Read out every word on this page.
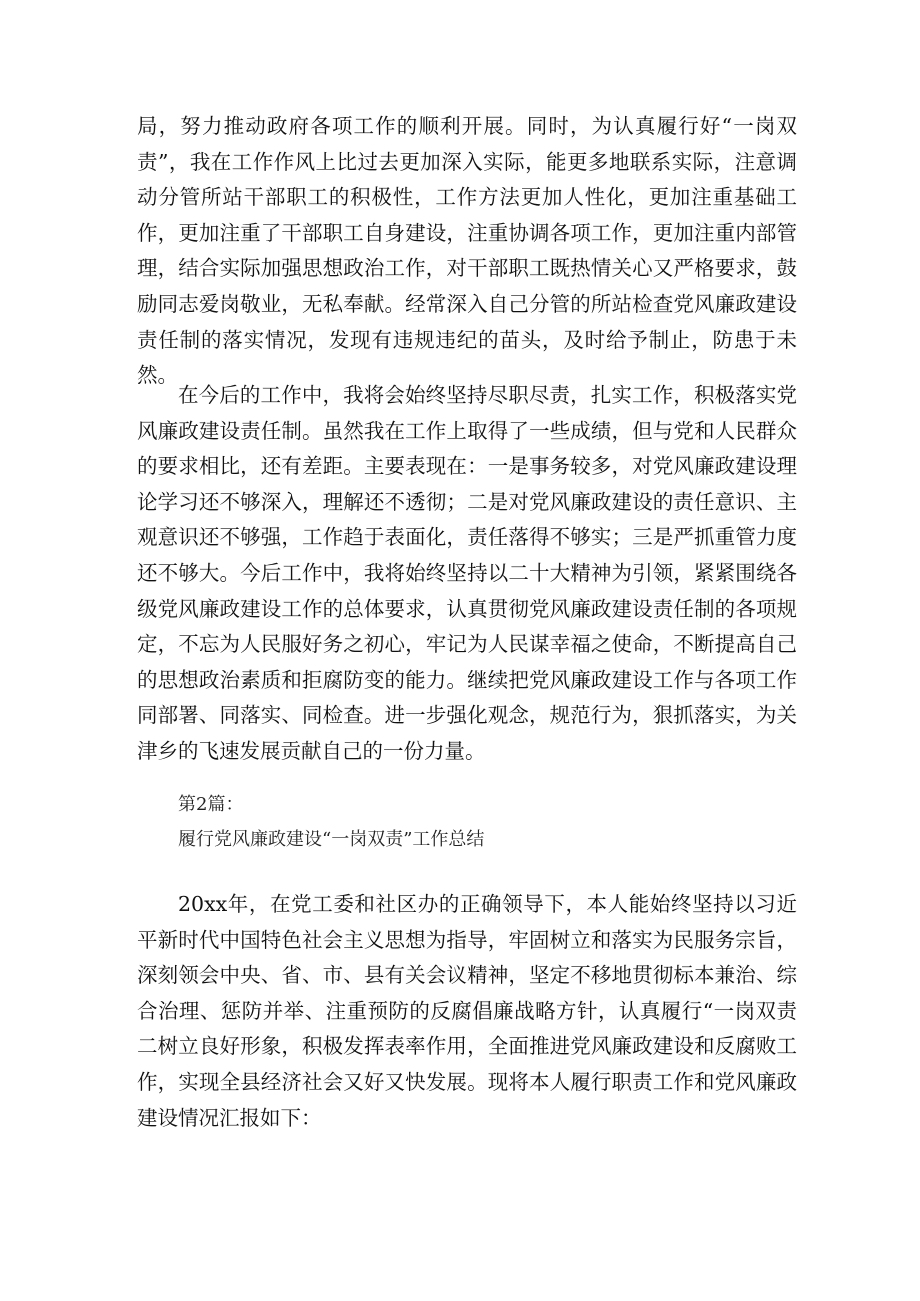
局，努力推动政府各项工作的顺利开展。同时，为认真履行好“一岗双责”，我在工作作风上比过去更加深入实际，能更多地联系实际，注意调动分管所站干部职工的积极性，工作方法更加人性化，更加注重基础工作，更加注重了干部职工自身建设，注重协调各项工作，更加注重内部管理，结合实际加强思想政治工作，对干部职工既热情关心又严格要求，鼓励同志爱岗敬业，无私奉献。经常深入自己分管的所站检查党风廉政建设责任制的落实情况，发现有违规违纪的苗头，及时给予制止，防患于未然。

在今后的工作中，我将会始终坚持尽职尽责，扎实工作，积极落实党风廉政建设责任制。虽然我在工作上取得了一些成绩，但与党和人民群众的要求相比，还有差距。主要表现在：一是事务较多，对党风廉政建设理论学习还不够深入，理解还不透彻；二是对党风廉政建设的责任意识、主观意识还不够强，工作趋于表面化，责任落得不够实；三是严抓重管力度还不够大。今后工作中，我将始终坚持以二十大精神为引领，紧紧围绕各级党风廉政建设工作的总体要求，认真贯彻党风廉政建设责任制的各项规定，不忘为人民服好务之初心，牢记为人民谋幸福之使命，不断提高自己的思想政治素质和拒腐防变的能力。继续把党风廉政建设工作与各项工作同部署、同落实、同检查。进一步强化观念，规范行为，狠抓落实，为关津乡的飞速发展贡献自己的一份力量。

第2篇：
履行党风廉政建设“一岗双责”工作总结

20xx年，在党工委和社区办的正确领导下，本人能始终坚持以习近平新时代中国特色社会主义思想为指导，牢固树立和落实为民服务宗旨，深刻领会中央、省、市、县有关会议精神，坚定不移地贯彻标本兼治、综合治理、惩防并举、注重预防的反腐倡廉战略方针，认真履行“一岗双责二树立良好形象，积极发挥表率作用，全面推进党风廉政建设和反腐败工作，实现全县经济社会又好又快发展。现将本人履行职责工作和党风廉政建设情况汇报如下：
